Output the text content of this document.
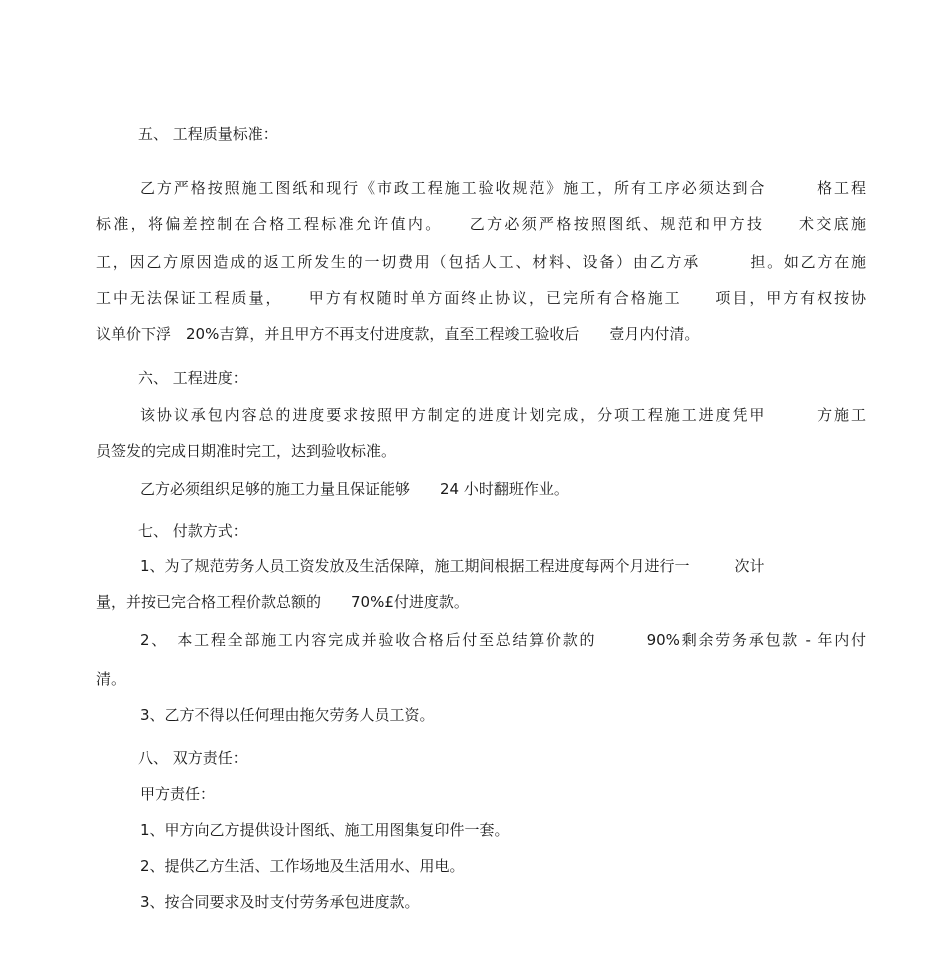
五、 工程质量标准：
乙方严格按照施工图纸和现行《市政工程施工验收规范》施工，所有工序必须达到合　　　格工程
标准，将偏差控制在合格工程标准允许值内。　　乙方必须严格按照图纸、规范和甲方技　　术交底施
工，因乙方原因造成的返工所发生的一切费用（包括人工、材料、设备）由乙方承　　　担。如乙方在施
工中无法保证工程质量，　　甲方有权随时单方面终止协议，已完所有合格施工　　项目，甲方有权按协
议单价下浮　20%吉算，并且甲方不再支付进度款，直至工程竣工验收后　　壹月内付清。
六、 工程进度：
该协议承包内容总的进度要求按照甲方制定的进度计划完成，分项工程施工进度凭甲　　　方施工
员签发的完成日期准时完工，达到验收标准。
乙方必须组织足够的施工力量且保证能够　　24 小时翻班作业。
七、 付款方式：
1、为了规范劳务人员工资发放及生活保障，施工期间根据工程进度每两个月进行一　　　次计
量，并按已完合格工程价款总额的　　70%£付进度款。
2、　本工程全部施工内容完成并验收合格后付至总结算价款的　　　90%剩余劳务承包款 - 年内付
清。
3、乙方不得以任何理由拖欠劳务人员工资。
八、 双方责任：
甲方责任：
1、甲方向乙方提供设计图纸、施工用图集复印件一套。
2、提供乙方生活、工作场地及生活用水、用电。
3、按合同要求及时支付劳务承包进度款。
